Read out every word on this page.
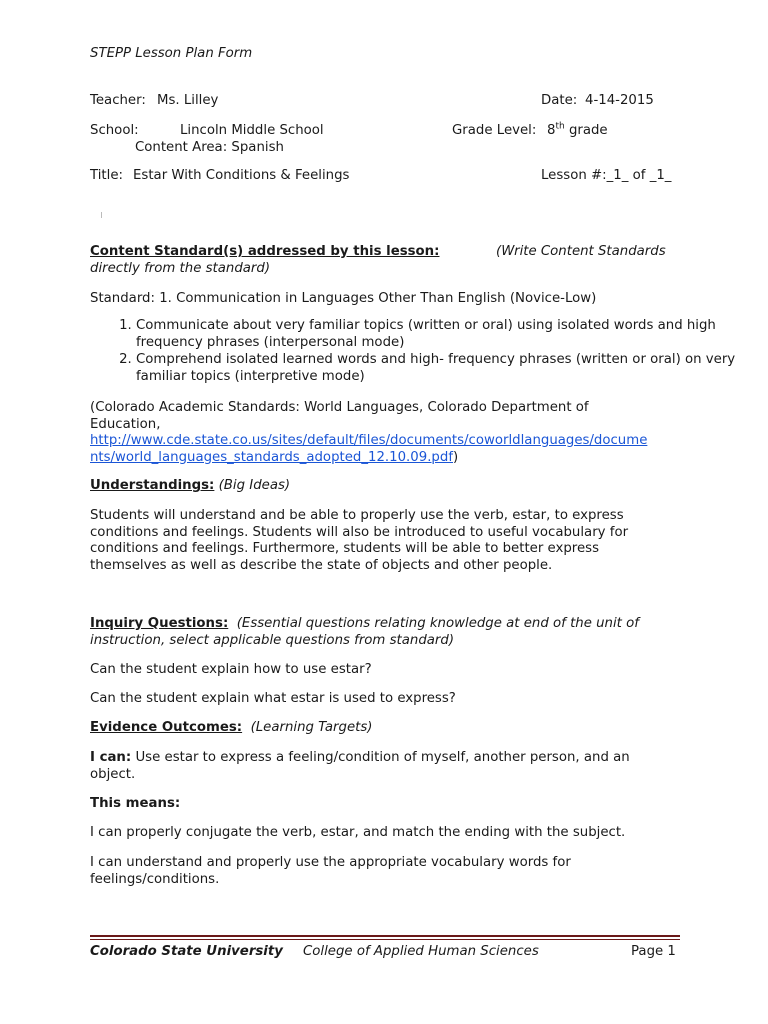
STEPP Lesson Plan Form
Teacher: Ms. Lilley	Date: 4-14-2015
School:	Lincoln Middle School	Grade Level: 8th grade
Content Area: Spanish
Title: Estar With Conditions & Feelings	Lesson #:_1_ of _1_
Content Standard(s) addressed by this lesson:	(Write Content Standards
directly from the standard)
Standard: 1. Communication in Languages Other Than English (Novice-Low)
1. Communicate about very familiar topics (written or oral) using isolated words and high frequency phrases (interpersonal mode)
2. Comprehend isolated learned words and high- frequency phrases (written or oral) on very familiar topics (interpretive mode)
(Colorado Academic Standards: World Languages, Colorado Department of Education,
http://www.cde.state.co.us/sites/default/files/documents/coworldlanguages/documents/world_languages_standards_adopted_12.10.09.pdf)
Understandings: (Big Ideas)

Students will understand and be able to properly use the verb, estar, to express conditions and feelings. Students will also be introduced to useful vocabulary for conditions and feelings. Furthermore, students will be able to better express themselves as well as describe the state of objects and other people.

Inquiry Questions: (Essential questions relating knowledge at end of the unit of
instruction, select applicable questions from standard)
Can the student explain how to use estar?
Can the student explain what estar is used to express?
Evidence Outcomes: (Learning Targets)

I can: Use estar to express a feeling/condition of myself, another person, and an object.

This means:
I can properly conjugate the verb, estar, and match the ending with the subject.

I can understand and properly use the appropriate vocabulary words for feelings/conditions.

Colorado State University College of Applied Human Sciences	Page 1
